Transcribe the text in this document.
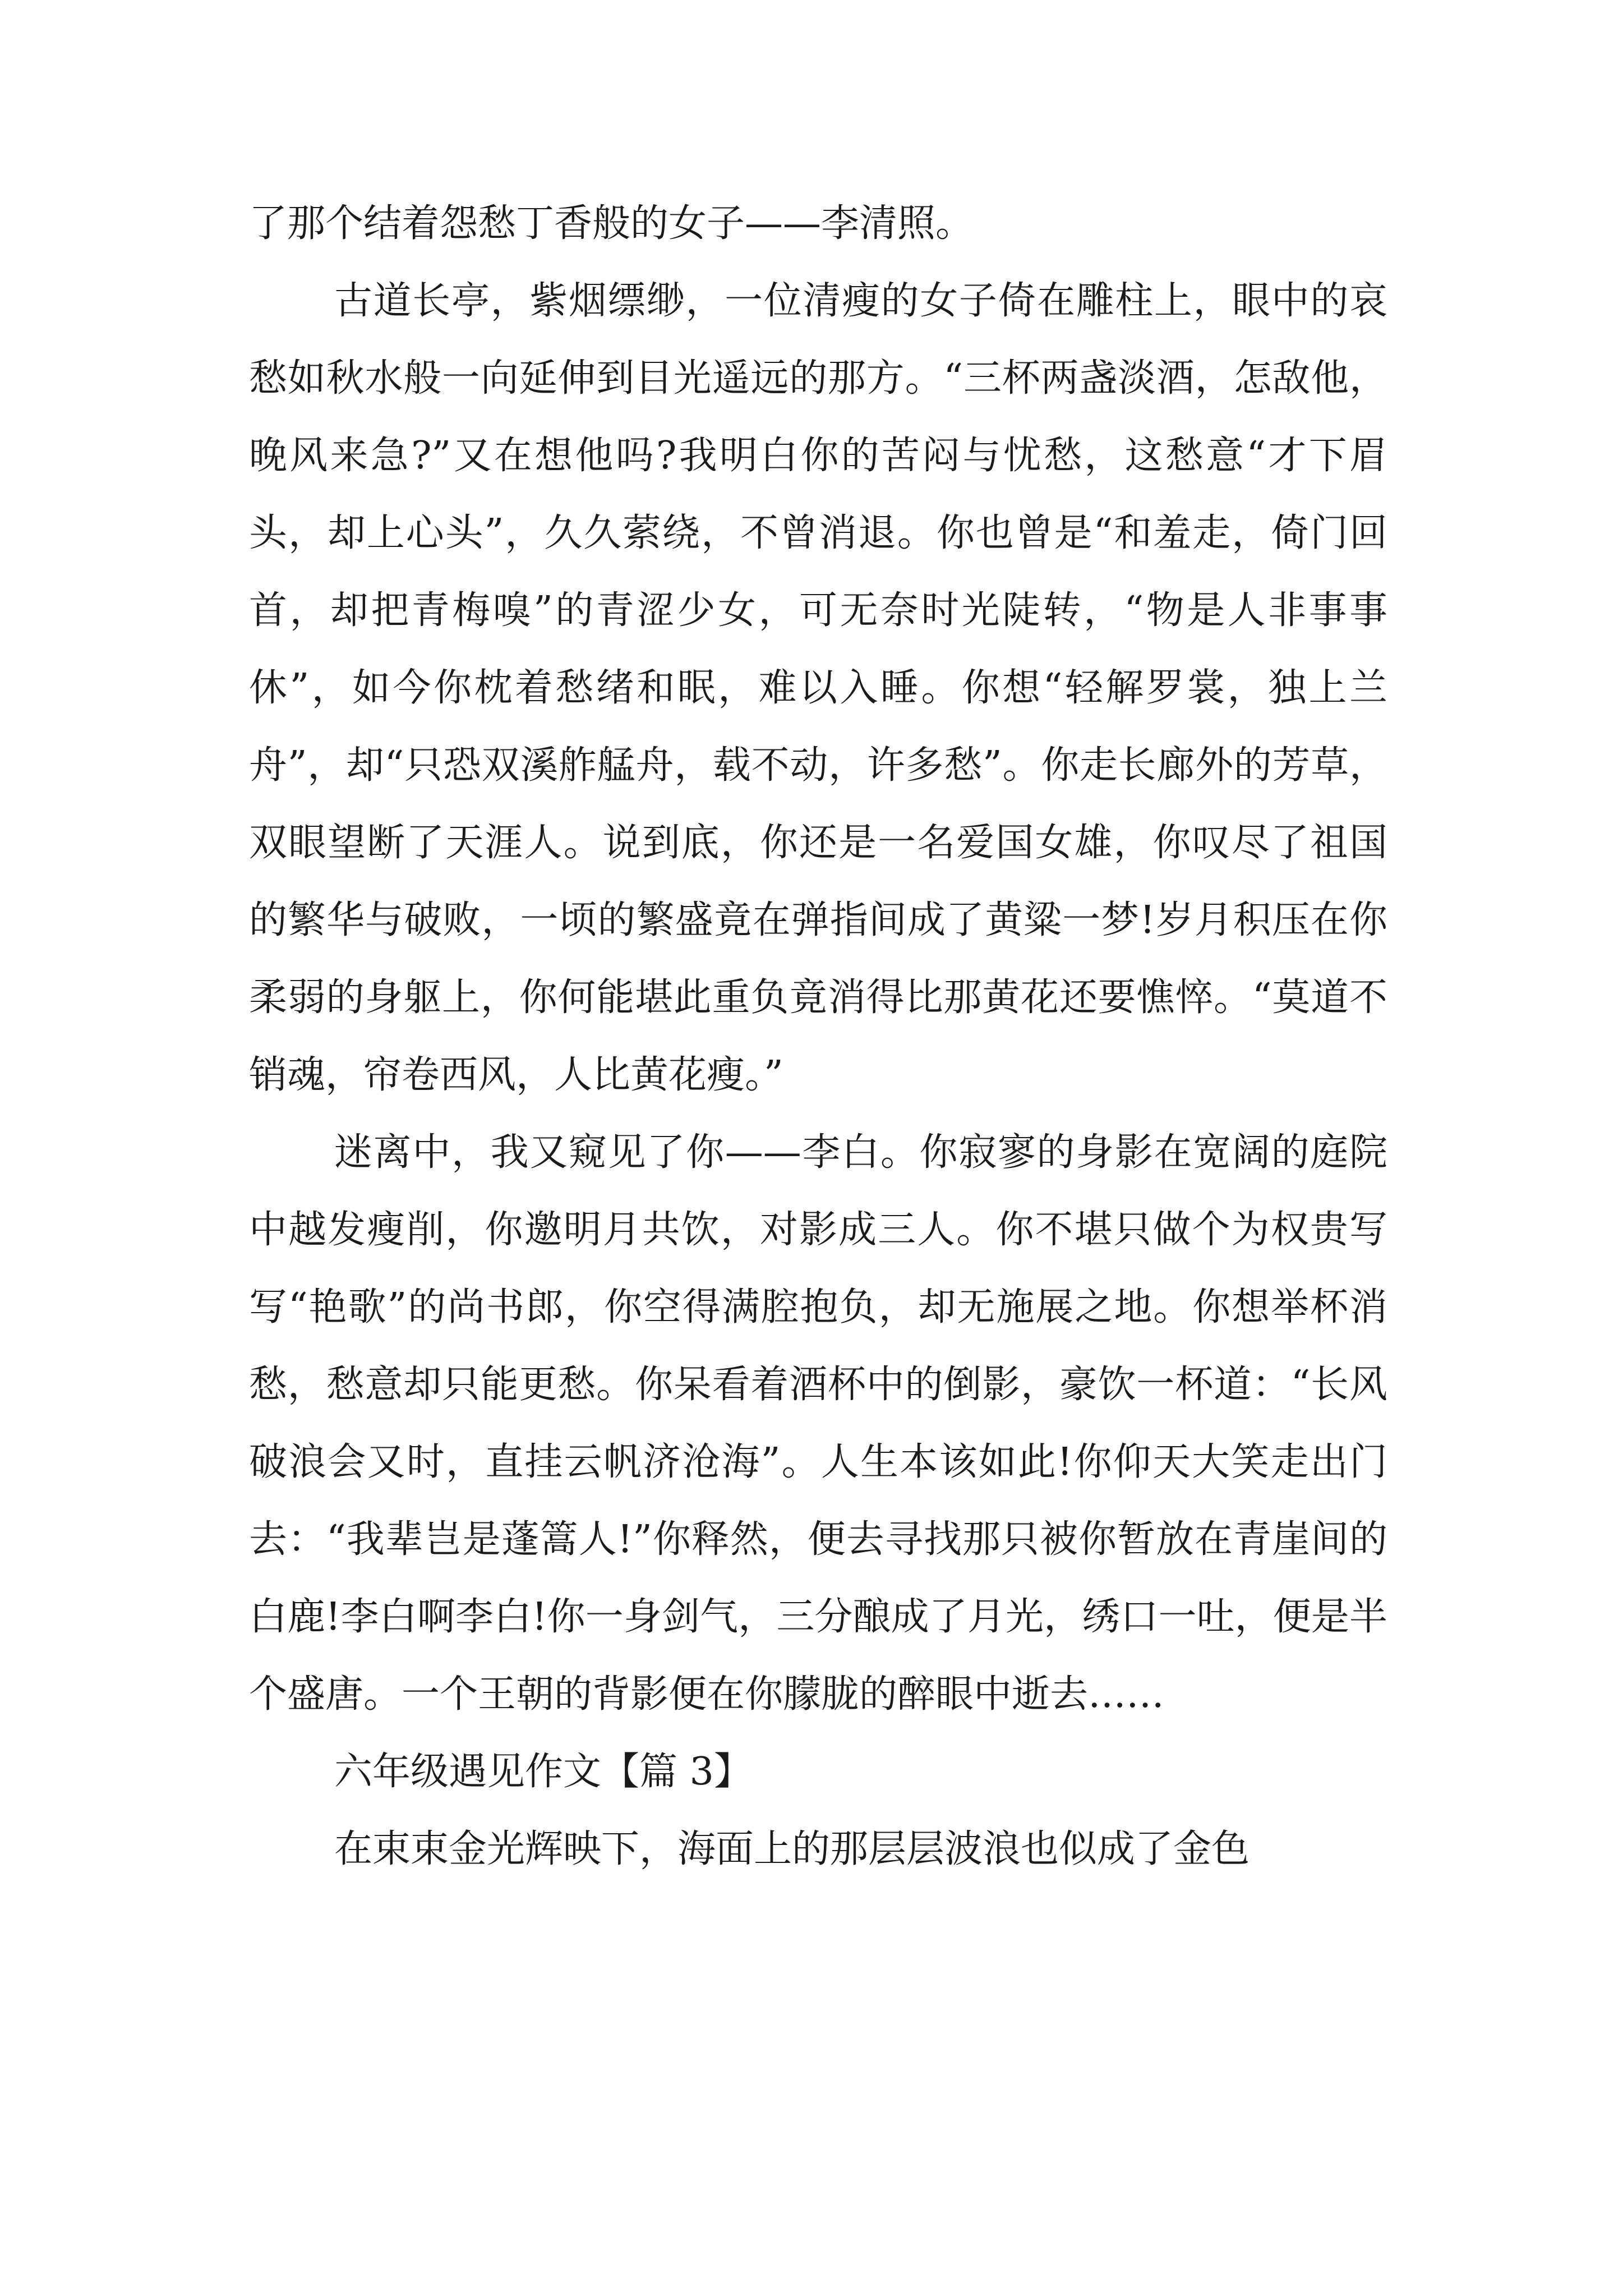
了那个结着怨愁丁香般的女子——李清照。

古道长亭，紫烟缥缈，一位清瘦的女子倚在雕柱上，眼中的哀愁如秋水般一向延伸到目光遥远的那方。“三杯两盏淡酒，怎敌他，晚风来急?”又在想他吗?我明白你的苦闷与忧愁，这愁意“才下眉头，却上心头”，久久萦绕，不曾消退。你也曾是“和羞走，倚门回首，却把青梅嗅”的青涩少女，可无奈时光陡转，“物是人非事事休”，如今你枕着愁绪和眠，难以入睡。你想“轻解罗裳，独上兰舟”，却“只恐双溪舴艋舟，载不动，许多愁”。你走长廊外的芳草，双眼望断了天涯人。说到底，你还是一名爱国女雄，你叹尽了祖国的繁华与破败，一顷的繁盛竟在弹指间成了黄粱一梦!岁月积压在你柔弱的身躯上，你何能堪此重负竟消得比那黄花还要憔悴。“莫道不销魂，帘卷西风，人比黄花瘦。”

迷离中，我又窥见了你——李白。你寂寥的身影在宽阔的庭院中越发瘦削，你邀明月共饮，对影成三人。你不堪只做个为权贵写写“艳歌”的尚书郎，你空得满腔抱负，却无施展之地。你想举杯消愁，愁意却只能更愁。你呆看着酒杯中的倒影，豪饮一杯道：“长风破浪会又时，直挂云帆济沧海”。人生本该如此!你仰天大笑走出门去：“我辈岂是蓬篙人!”你释然，便去寻找那只被你暂放在青崖间的白鹿!李白啊李白!你一身剑气，三分酿成了月光，绣口一吐，便是半个盛唐。一个王朝的背影便在你朦胧的醉眼中逝去……

六年级遇见作文【篇 3】

在束束金光辉映下，海面上的那层层波浪也似成了金色
